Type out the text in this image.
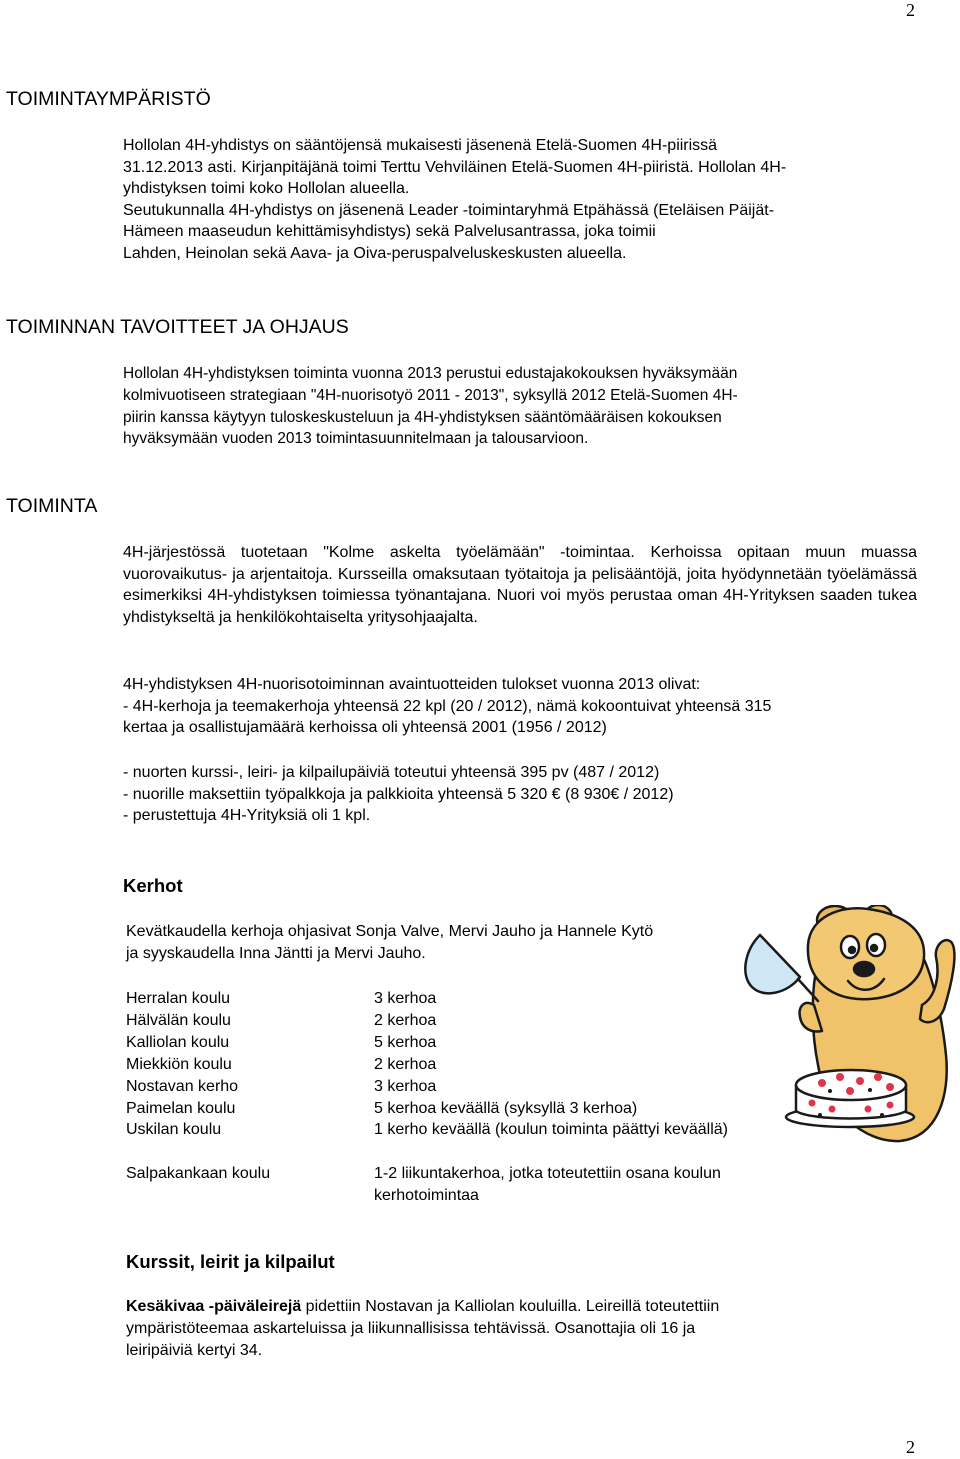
2
2
TOIMINTAYMPÄRISTÖ
Hollolan 4H-yhdistys on sääntöjensä mukaisesti jäsenenä Etelä-Suomen 4H-piirissä
31.12.2013 asti. Kirjanpitäjänä toimi Terttu Vehviläinen Etelä-Suomen 4H-piiristä. Hollolan 4H-
yhdistyksen toimi koko Hollolan alueella.
Seutukunnalla 4H-yhdistys on jäsenenä Leader -toimintaryhmä Etpähässä (Eteläisen Päijät-
Hämeen maaseudun kehittämisyhdistys) sekä Palvelusantrassa, joka toimii
Lahden, Heinolan sekä Aava- ja Oiva-peruspalveluskeskusten alueella.
TOIMINNAN TAVOITTEET JA OHJAUS
Hollolan 4H-yhdistyksen toiminta vuonna 2013 perustui edustajakokouksen hyväksymään
kolmivuotiseen strategiaan "4H-nuorisotyö 2011 - 2013", syksyllä 2012 Etelä-Suomen 4H-
piirin kanssa käytyyn tuloskeskusteluun ja 4H-yhdistyksen sääntömääräisen kokouksen
hyväksymään vuoden 2013 toimintasuunnitelmaan ja talousarvioon.
TOIMINTA
4H-järjestössä tuotetaan "Kolme askelta työelämään" -toimintaa. Kerhoissa opitaan muun muassa vuorovaikutus- ja arjentaitoja. Kursseilla omaksutaan työtaitoja ja pelisääntöjä, joita hyödynnetään työelämässä esimerkiksi 4H-yhdistyksen toimiessa työnantajana. Nuori voi myös perustaa oman 4H-Yrityksen saaden tukea yhdistykseltä ja henkilökohtaiselta yritysohjaajalta.
4H-yhdistyksen 4H-nuorisotoiminnan avaintuotteiden tulokset vuonna 2013 olivat:
- 4H-kerhoja ja teemakerhoja yhteensä 22 kpl (20 / 2012), nämä kokoontuivat yhteensä 315
kertaa ja osallistujamäärä kerhoissa oli yhteensä 2001 (1956 / 2012)
- nuorten kurssi-, leiri- ja kilpailupäiviä toteutui yhteensä 395 pv (487 / 2012)
- nuorille maksettiin työpalkkoja ja palkkioita yhteensä 5 320 € (8 930€ / 2012)
- perustettuja 4H-Yrityksiä oli 1 kpl.
Kerhot
Kevätkaudella kerhoja ohjasivat Sonja Valve, Mervi Jauho ja Hannele Kytö
ja syyskaudella Inna Jäntti ja Mervi Jauho.
Herralan koulu
Hälvälän koulu
Kalliolan koulu
Miekkiön koulu
Nostavan kerho
Paimelan koulu
Uskilan koulu
3 kerhoa
2 kerhoa
5 kerhoa
2 kerhoa
3 kerhoa
5 kerhoa keväällä (syksyllä 3 kerhoa)
1 kerho keväällä (koulun toiminta päättyi keväällä)
Salpakankaan koulu	1-2 liikuntakerhoa, jotka toteutettiin osana koulun
kerhotoimintaa
Kurssit, leirit ja kilpailut
Kesäkivaa -päiväleirejä pidettiin Nostavan ja Kalliolan kouluilla. Leireillä toteutettiin
ympäristöteemaa askarteluissa ja liikunnallisissa tehtävissä. Osanottajia oli 16 ja
leiripäiviä kertyi 34.
